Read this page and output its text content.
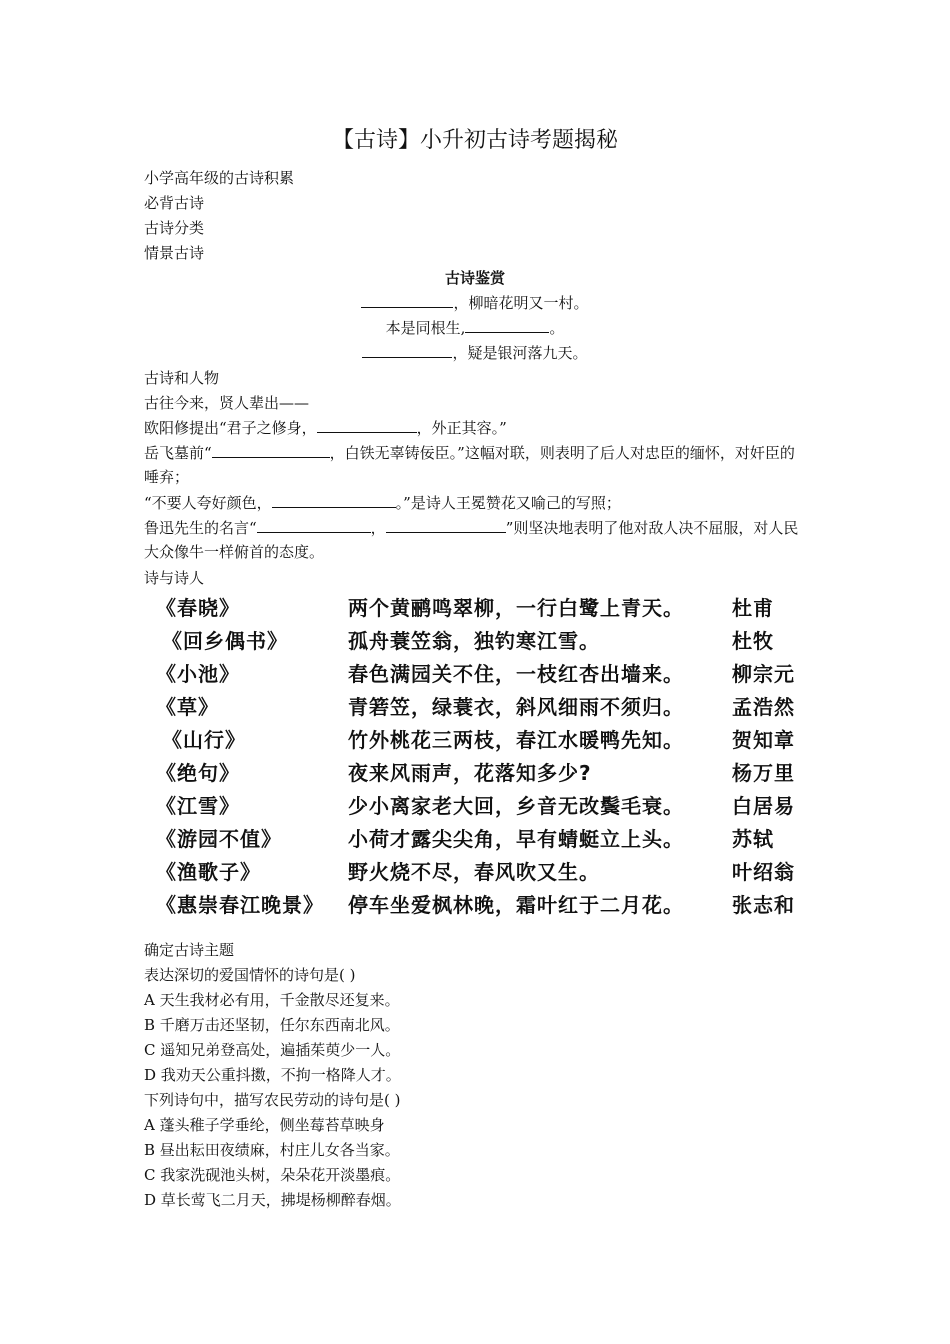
【古诗】小升初古诗考题揭秘
小学高年级的古诗积累
必背古诗
古诗分类
情景古诗
古诗鉴赏
，柳暗花明又一村。
本是同根生,	。
，疑是银河落九天。
古诗和人物
古往今来，贤人辈出——
欧阳修提出“君子之修身，	，外正其容。”
岳飞墓前“	，白铁无辜铸佞臣。”这幅对联，则表明了后人对忠臣的缅怀，对奸臣的唾弃；
“不要人夸好颜色，	。”是诗人王冕赞花又喻己的写照；
鲁迅先生的名言“	，	”则坚决地表明了他对敌人决不屈服，对人民大众像牛一样俯首的态度。
诗与诗人
《春晓》	两个黄鹂鸣翠柳，一行白鹭上青天。 杜甫
《回乡偶书》	孤舟蓑笠翁，独钓寒江雪。	杜牧
《小池》	春色满园关不住，一枝红杏出墙来。 柳宗元
《草》	青箬笠，绿蓑衣，斜风细雨不须归。 孟浩然
《山行》	竹外桃花三两枝，春江水暖鸭先知。 贺知章
《绝句》	夜来风雨声，花落知多少?	杨万里
《江雪》	少小离家老大回，乡音无改鬓毛衰。 白居易
《游园不值》	小荷才露尖尖角，早有蜻蜓立上头。 苏轼
《渔歌子》	野火烧不尽，春风吹又生。	叶绍翁
《惠崇春江晚景》 停车坐爱枫林晚，霜叶红于二月花。 张志和
确定古诗主题
表达深切的爱国情怀的诗句是( )
A 天生我材必有用，千金散尽还复来。
B 千磨万击还坚韧，任尔东西南北风。
C 遥知兄弟登高处，遍插茱萸少一人。
D 我劝天公重抖擞，不拘一格降人才。
下列诗句中，描写农民劳动的诗句是( )
A 蓬头稚子学垂纶，侧坐莓苔草映身
B 昼出耘田夜绩麻，村庄儿女各当家。
C 我家洗砚池头树，朵朵花开淡墨痕。
D 草长莺飞二月天，拂堤杨柳醉春烟。
